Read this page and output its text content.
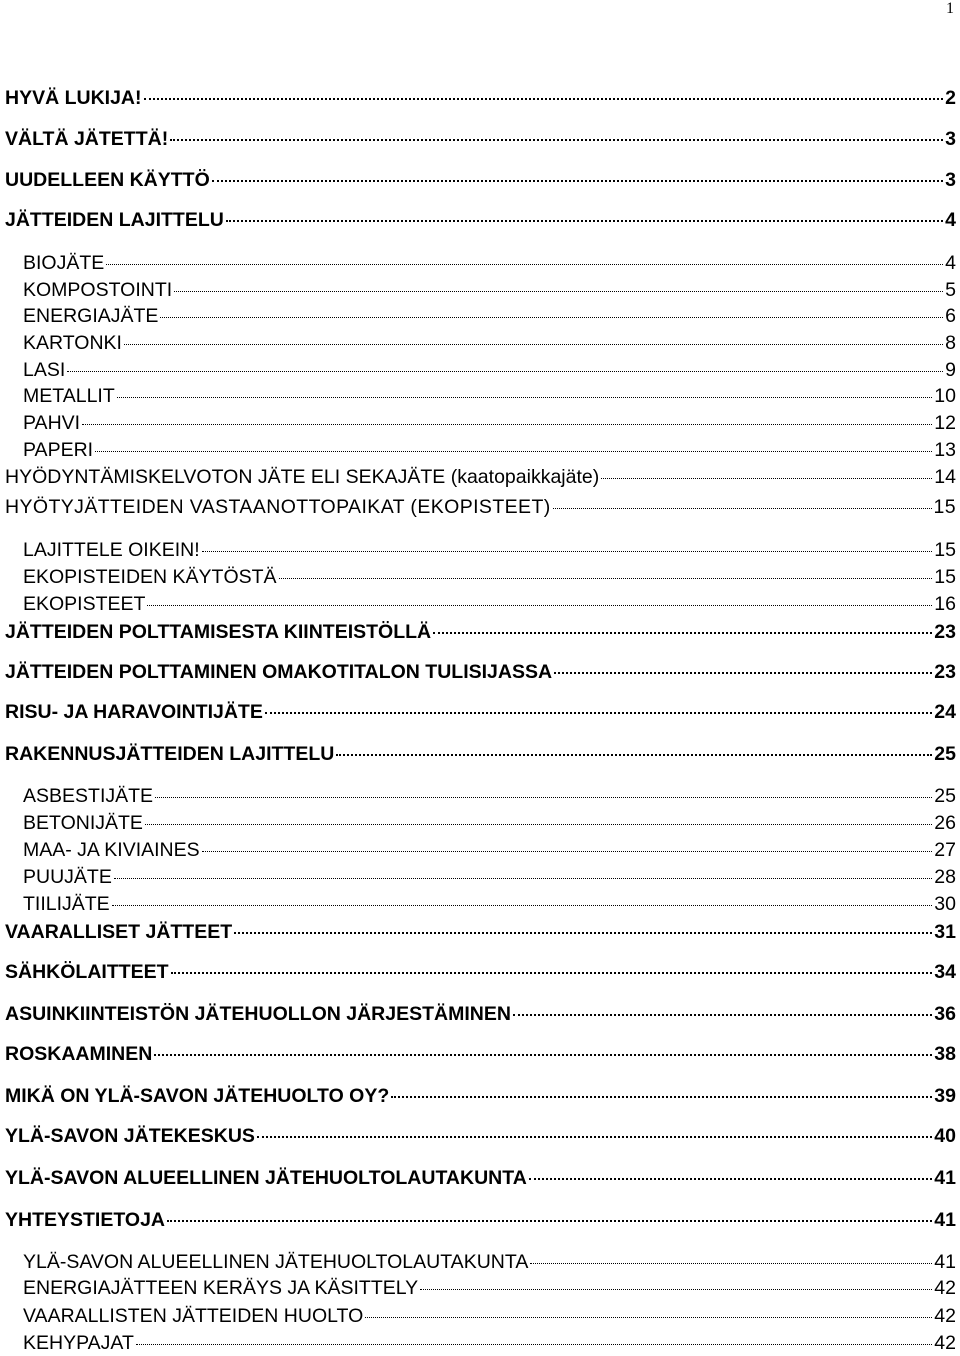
1
HYVÄ LUKIJA!	2
VÄLTÄ JÄTETTÄ!	3
UUDELLEEN KÄYTTÖ	3
JÄTTEIDEN LAJITTELU	4
BIOJÄTE	4
KOMPOSTOINTI	5
ENERGIAJÄTE	6
KARTONKI	8
LASI	9
METALLIT	10
PAHVI	12
PAPERI	13
HYÖDYNTÄMISKELVOTON JÄTE ELI SEKAJÄTE (kaatopaikkajäte)	14
HYÖTYJÄTTEIDEN VASTAANOTTOPAIKAT (EKOPISTEET)	15
LAJITTELE OIKEIN!	15
EKOPISTEIDEN KÄYTÖSTÄ	15
EKOPISTEET	16
JÄTTEIDEN POLTTAMISESTA KIINTEISTÖLLÄ	23
JÄTTEIDEN POLTTAMINEN OMAKOTITALON TULISIJASSA	23
RISU- JA HARAVOINTIJÄTE	24
RAKENNUSJÄTTEIDEN LAJITTELU	25
ASBESTIJÄTE	25
BETONIJÄTE	26
MAA- JA KIVIAINES	27
PUUJÄTE	28
TIILIJÄTE	30
VAARALLISET JÄTTEET	31
SÄHKÖLAITTEET	34
ASUINKIINTEISTÖN JÄTEHUOLLON JÄRJESTÄMINEN	36
ROSKAAMINEN	38
MIKÄ ON YLÄ-SAVON JÄTEHUOLTO OY?	39
YLÄ-SAVON JÄTEKESKUS	40
YLÄ-SAVON ALUEELLINEN JÄTEHUOLTOLAUTAKUNTA	41
YHTEYSTIETOJA	41
YLÄ-SAVON ALUEELLINEN JÄTEHUOLTOLAUTAKUNTA	41
ENERGIAJÄTTEEN KERÄYS JA KÄSITTELY	42
VAARALLISTEN JÄTTEIDEN HUOLTO	42
KEHYPAJAT	42
